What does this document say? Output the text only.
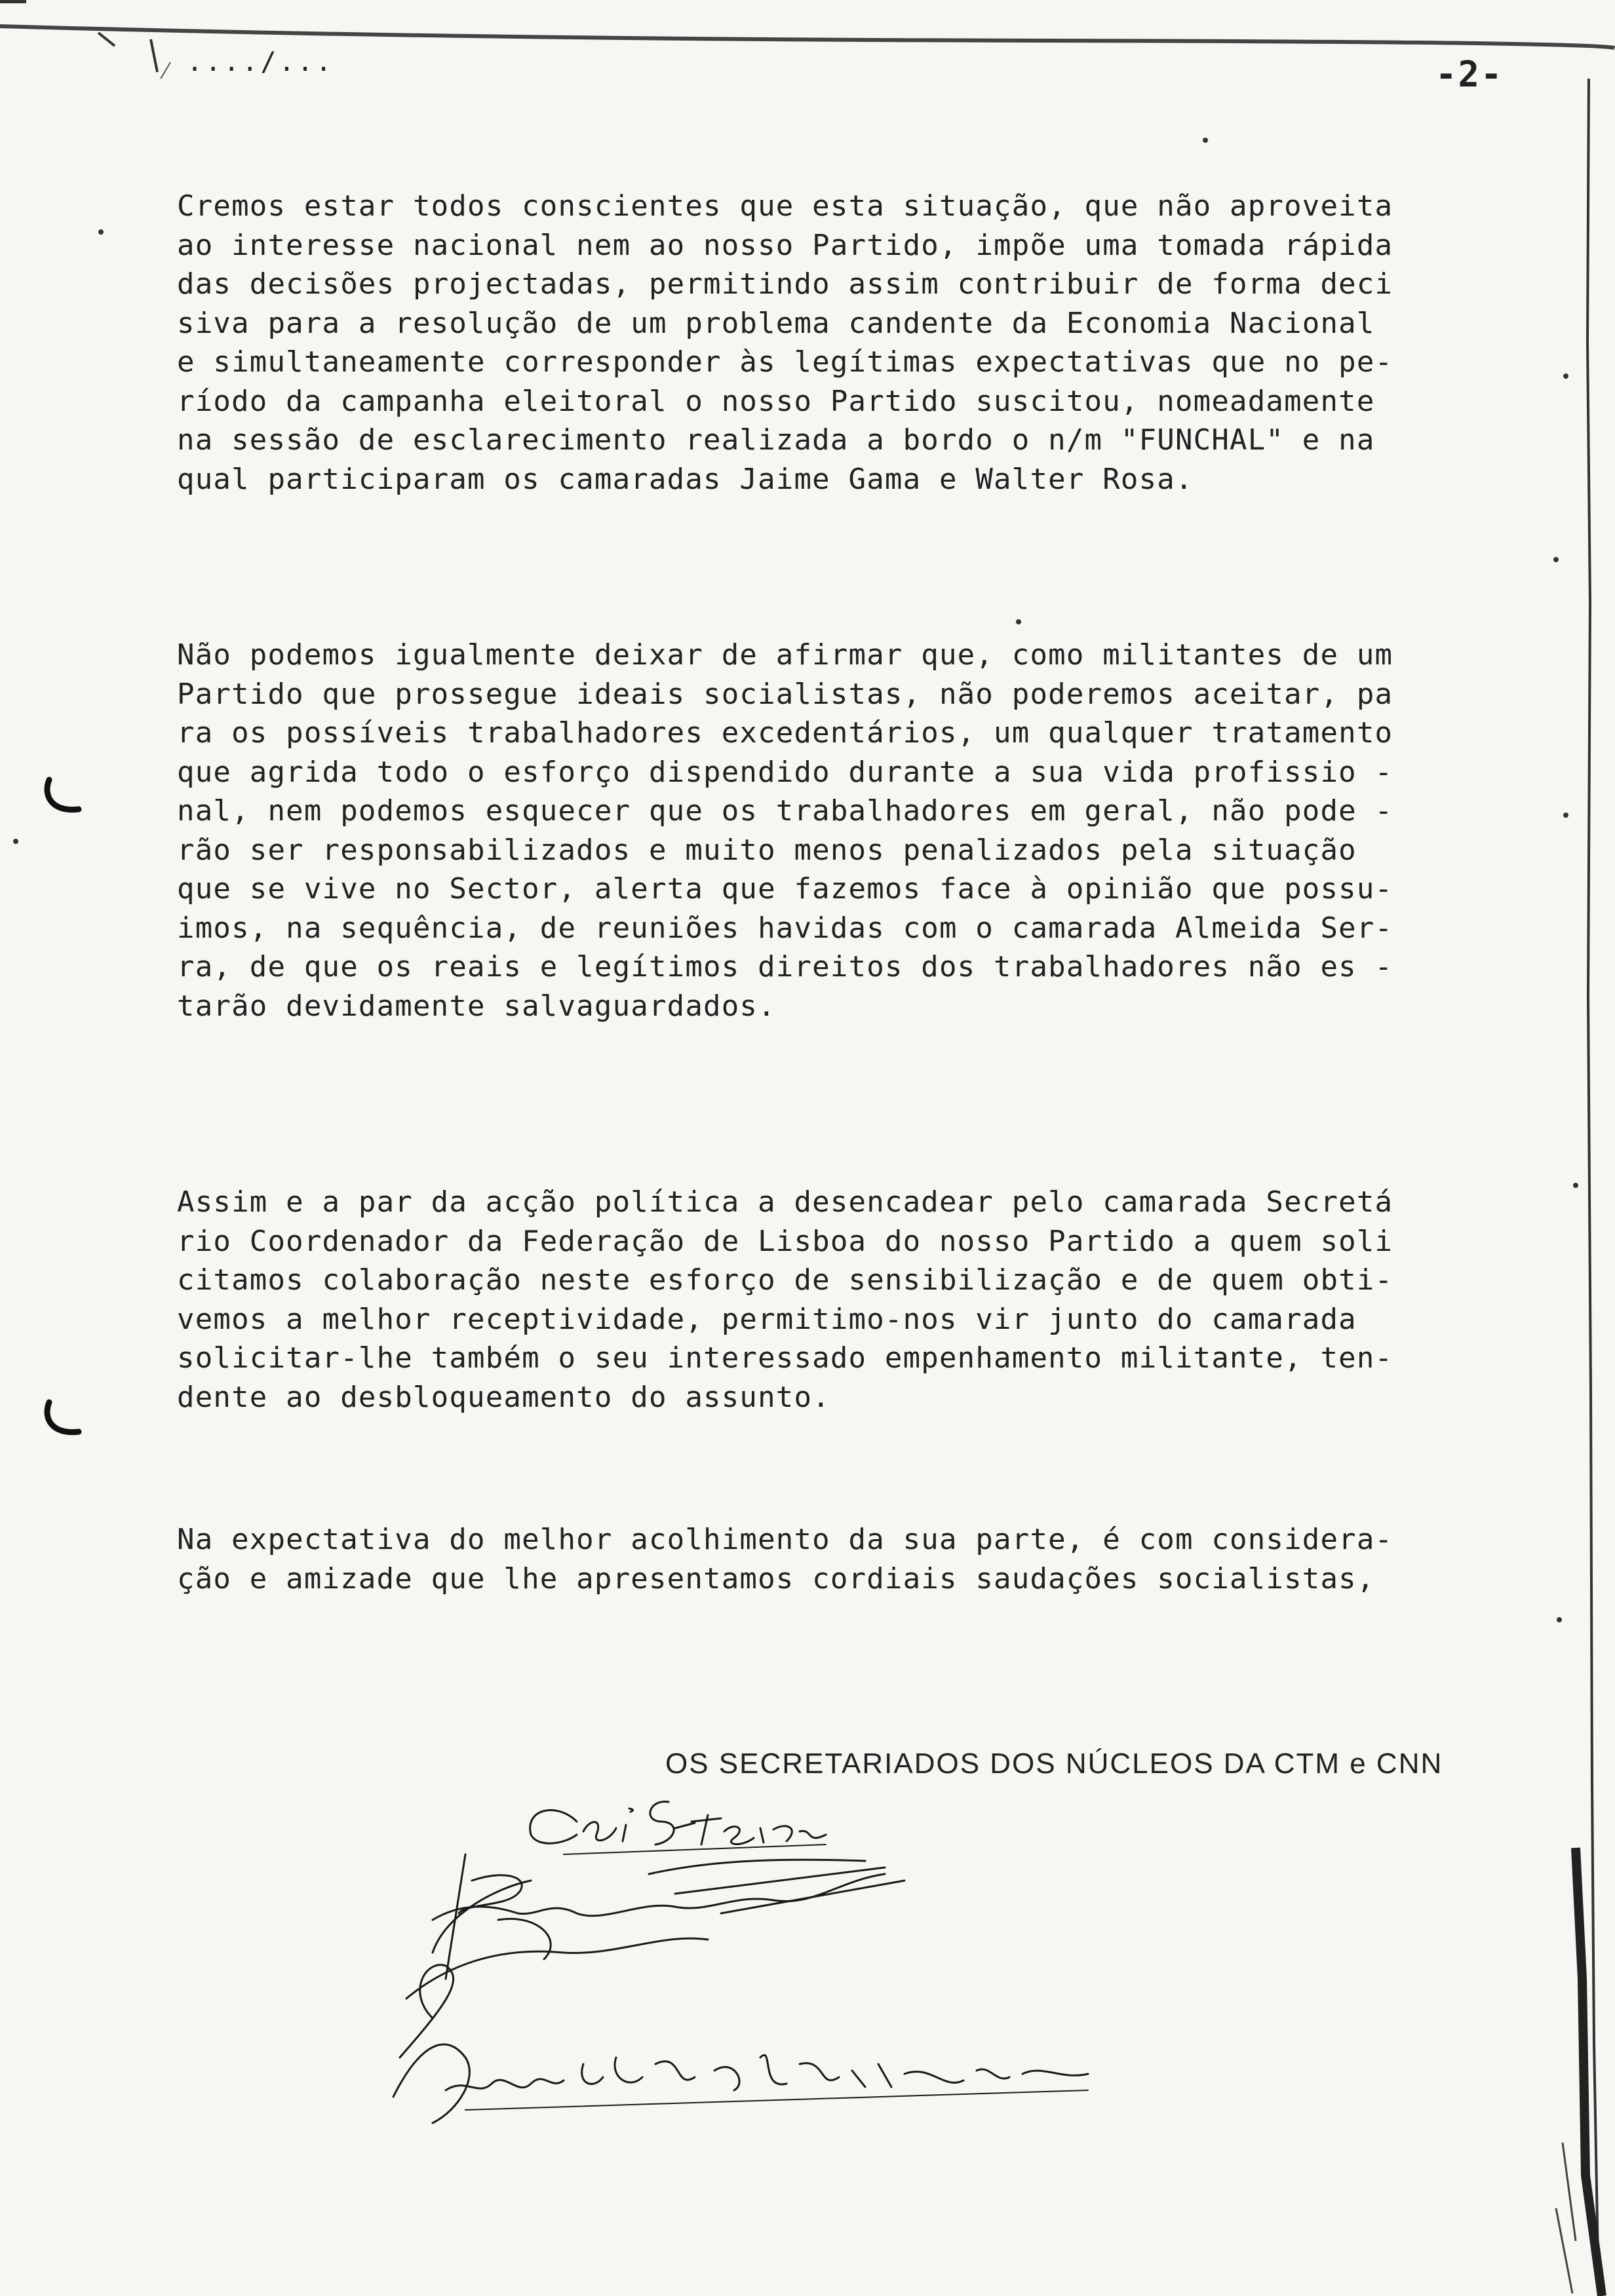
..../...	-2-
Cremos estar todos conscientes que esta situação, que não aproveita
ao interesse nacional nem ao nosso Partido, impõe uma tomada rápida
das decisões projectadas, permitindo assim contribuir de forma deci
siva para a resolução de um problema candente da Economia Nacional
e simultaneamente corresponder às legítimas expectativas que no pe-
ríodo da campanha eleitoral o nosso Partido suscitou, nomeadamente
na sessão de esclarecimento realizada a bordo o n/m "FUNCHAL" e na
qual participaram os camaradas Jaime Gama e Walter Rosa.
Não podemos igualmente deixar de afirmar que, como militantes de um
Partido que prossegue ideais socialistas, não poderemos aceitar, pa
ra os possíveis trabalhadores excedentários, um qualquer tratamento
que agrida todo o esforço dispendido durante a sua vida profissio -
nal, nem podemos esquecer que os trabalhadores em geral, não pode -
rão ser responsabilizados e muito menos penalizados pela situação
que se vive no Sector, alerta que fazemos face à opinião que possu-
imos, na sequência, de reuniões havidas com o camarada Almeida Ser-
ra, de que os reais e legítimos direitos dos trabalhadores não es -
tarão devidamente salvaguardados.
Assim e a par da acção política a desencadear pelo camarada Secretá
rio Coordenador da Federação de Lisboa do nosso Partido a quem soli
citamos colaboração neste esforço de sensibilização e de quem obti-
vemos a melhor receptividade, permitimo-nos vir junto do camarada
solicitar-lhe também o seu interessado empenhamento militante, ten-
dente ao desbloqueamento do assunto.
Na expectativa do melhor acolhimento da sua parte, é com considera-
ção e amizade que lhe apresentamos cordiais saudações socialistas,
OS SECRETARIADOS DOS NÚCLEOS DA CTM e CNN
